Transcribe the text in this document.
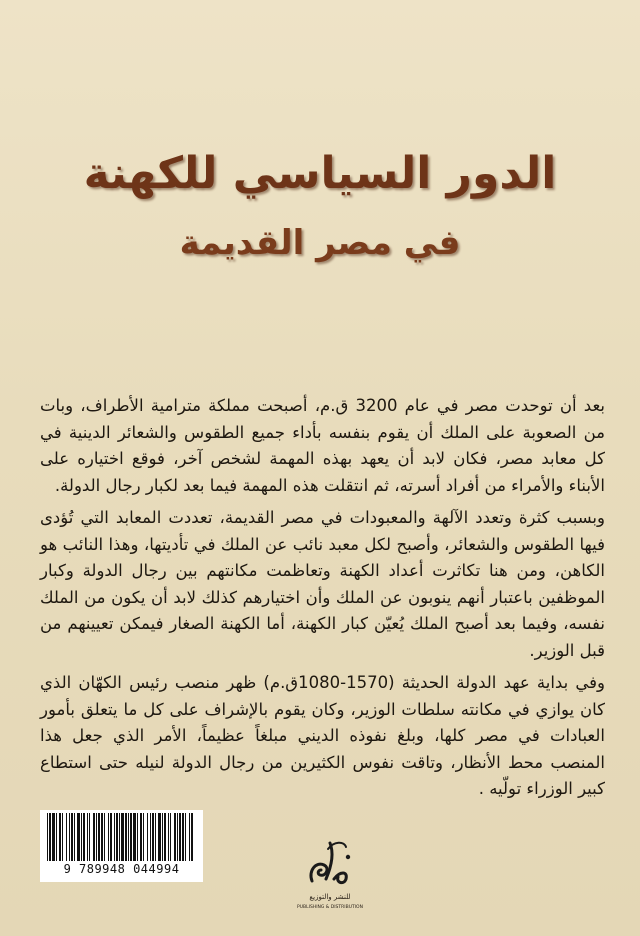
الدور السياسي للكهنة
في مصر القديمة

بعد أن توحدت مصر في عام 3200 ق.م، أصبحت مملكة مترامية الأطراف، وبات من الصعوبة على الملك أن يقوم بنفسه بأداء جميع الطقوس والشعائر الدينية في كل معابد مصر، فكان لابد أن يعهد بهذه المهمة لشخص آخر، فوقع اختياره على الأبناء والأمراء من أفراد أسرته، ثم انتقلت هذه المهمة فيما بعد لكبار رجال الدولة.

وبسبب كثرة وتعدد الآلهة والمعبودات في مصر القديمة، تعددت المعابد التي تُؤدى فيها الطقوس والشعائر، وأصبح لكل معبد نائب عن الملك في تأديتها، وهذا النائب هو الكاهن، ومن هنا تكاثرت أعداد الكهنة وتعاظمت مكانتهم بين رجال الدولة وكبار الموظفين باعتبار أنهم ينوبون عن الملك وأن اختيارهم كذلك لابد أن يكون من الملك نفسه، وفيما بعد أصبح الملك يُعيّن كبار الكهنة، أما الكهنة الصغار فيمكن تعيينهم من قبل الوزير.

وفي بداية عهد الدولة الحديثة (1570-1080ق.م) ظهر منصب رئيس الكهّان الذي كان يوازي في مكانته سلطات الوزير، وكان يقوم بالإشراف على كل ما يتعلق بأمور العبادات في مصر كلها، وبلغ نفوذه الديني مبلغاً عظيماً، الأمر الذي جعل هذا المنصب محط الأنظار، وتاقت نفوس الكثيرين من رجال الدولة لنيله حتى استطاع كبير الوزراء تولّيه .

9 789948 044994
للنشر والتوزيع
PUBLISHING & DISTRIBUTION
